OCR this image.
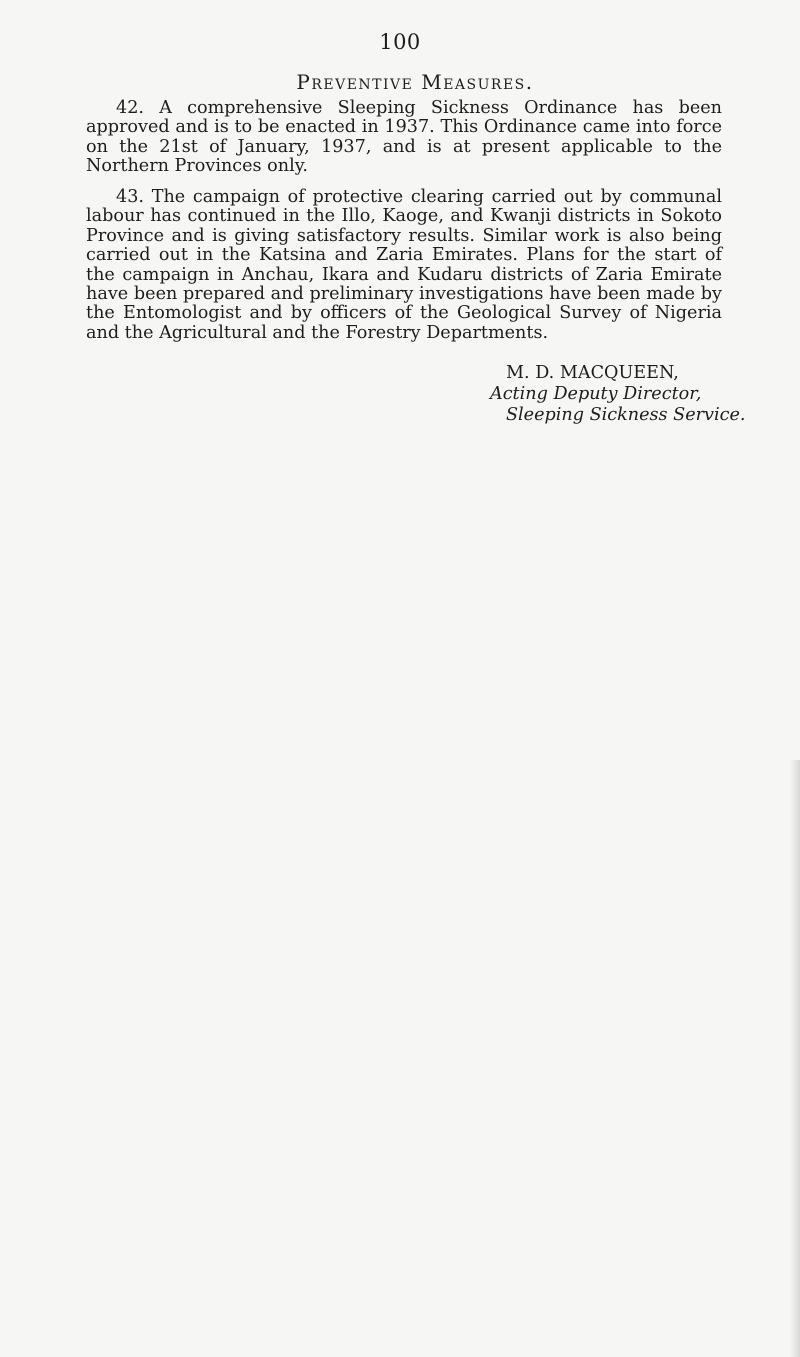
100
Preventive Measures.

42. A comprehensive Sleeping Sickness Ordinance has been approved and is to be enacted in 1937. This Ordinance came into force on the 21st of January, 1937, and is at present applicable to the Northern Provinces only.

43. The campaign of protective clearing carried out by communal labour has continued in the Illo, Kaoge, and Kwanji districts in Sokoto Province and is giving satisfactory results. Similar work is also being carried out in the Katsina and Zaria Emirates. Plans for the start of the campaign in Anchau, Ikara and Kudaru districts of Zaria Emirate have been prepared and preliminary investigations have been made by the Entomologist and by officers of the Geological Survey of Nigeria and the Agricultural and the Forestry Departments.

M. D. MACQUEEN,
Acting Deputy Director,
Sleeping Sickness Service.
